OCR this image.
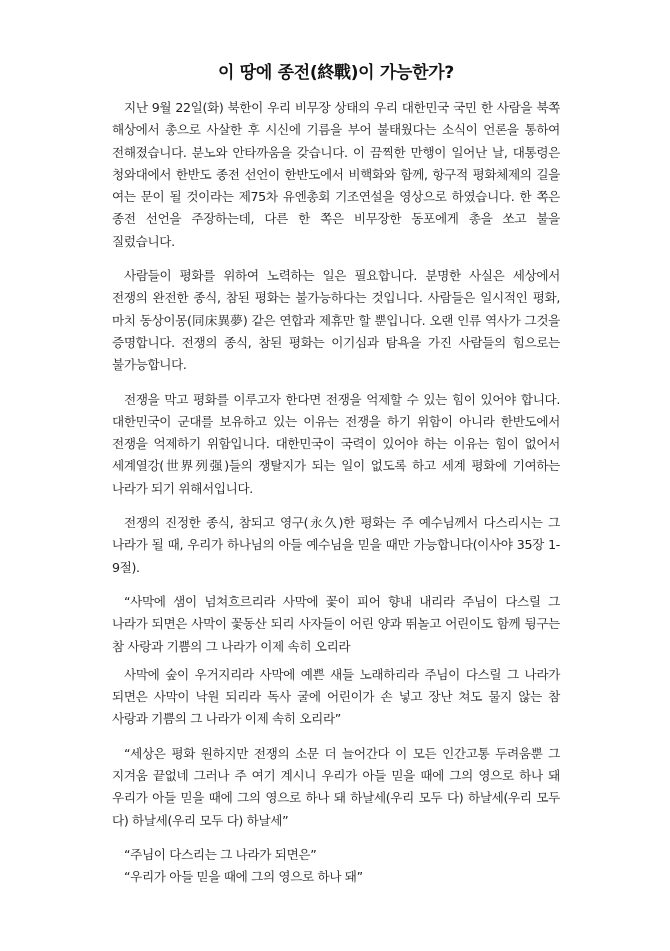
이 땅에 종전(終戰)이 가능한가?

지난 9월 22일(화) 북한이 우리 비무장 상태의 우리 대한민국 국민 한 사람을 북쪽 해상에서 총으로 사살한 후 시신에 기름을 부어 불태웠다는 소식이 언론을 통하여 전해졌습니다. 분노와 안타까움을 갖습니다. 이 끔찍한 만행이 일어난 날, 대통령은 청와대에서 한반도 종전 선언이 한반도에서 비핵화와 함께, 항구적 평화체제의 길을 여는 문이 될 것이라는 제75차 유엔총회 기조연설을 영상으로 하였습니다. 한 쪽은 종전 선언을 주장하는데, 다른 한 쪽은 비무장한 동포에게 총을 쏘고 불을 질렀습니다.

사람들이 평화를 위하여 노력하는 일은 필요합니다. 분명한 사실은 세상에서 전쟁의 완전한 종식, 참된 평화는 불가능하다는 것입니다. 사람들은 일시적인 평화, 마치 동상이몽(同床異夢) 같은 연합과 제휴만 할 뿐입니다. 오랜 인류 역사가 그것을 증명합니다. 전쟁의 종식, 참된 평화는 이기심과 탐욕을 가진 사람들의 힘으로는 불가능합니다.

전쟁을 막고 평화를 이루고자 한다면 전쟁을 억제할 수 있는 힘이 있어야 합니다. 대한민국이 군대를 보유하고 있는 이유는 전쟁을 하기 위함이 아니라 한반도에서 전쟁을 억제하기 위함입니다. 대한민국이 국력이 있어야 하는 이유는 힘이 없어서 세계열강(世界列强)들의 쟁탈지가 되는 일이 없도록 하고 세계 평화에 기여하는 나라가 되기 위해서입니다.

전쟁의 진정한 종식, 참되고 영구(永久)한 평화는 주 예수님께서 다스리시는 그 나라가 될 때, 우리가 하나님의 아들 예수님을 믿을 때만 가능합니다(이사야 35장 1-9절).

“사막에 샘이 넘쳐흐르리라 사막에 꽃이 피어 향내 내리라 주님이 다스릴 그 나라가 되면은 사막이 꽃동산 되리 사자들이 어린 양과 뛰놀고 어린이도 함께 뒹구는 참 사랑과 기쁨의 그 나라가 이제 속히 오리라

사막에 숲이 우거지리라 사막에 예쁜 새들 노래하리라 주님이 다스릴 그 나라가 되면은 사막이 낙원 되리라 독사 굴에 어린이가 손 넣고 장난 쳐도 물지 않는 참 사랑과 기쁨의 그 나라가 이제 속히 오리라”

“세상은 평화 원하지만 전쟁의 소문 더 늘어간다 이 모든 인간고통 두려움뿐 그 지겨움 끝없네 그러나 주 여기 계시니 우리가 아들 믿을 때에 그의 영으로 하나 돼 우리가 아들 믿을 때에 그의 영으로 하나 돼 하날세(우리 모두 다) 하날세(우리 모두 다) 하날세(우리 모두 다) 하날세”

“주님이 다스리는 그 나라가 되면은”

“우리가 아들 믿을 때에 그의 영으로 하나 돼”
